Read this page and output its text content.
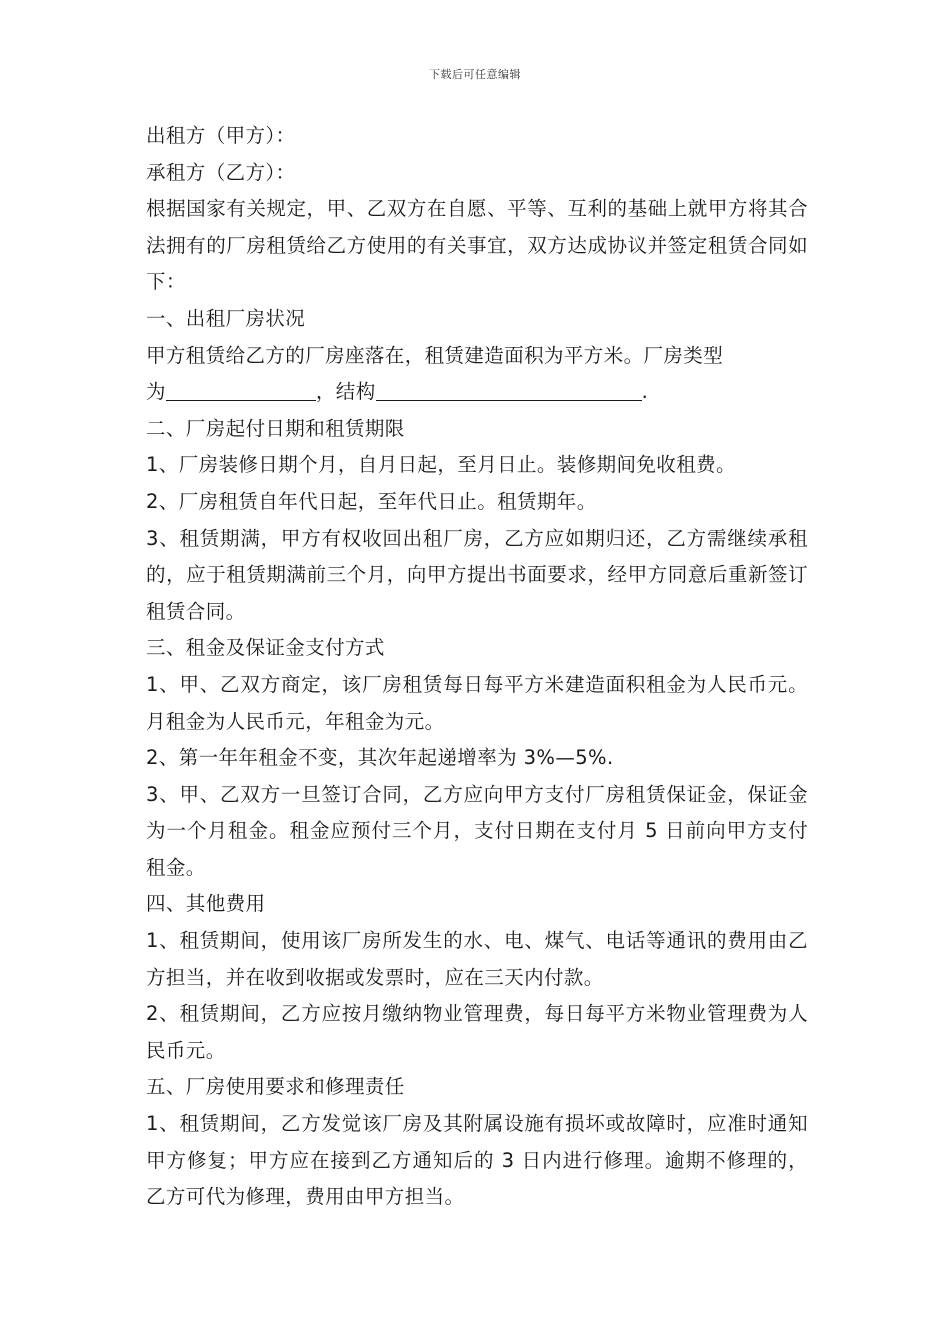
下载后可任意编辑
出租方（甲方）：
承租方（乙方）：
根据国家有关规定，甲、乙双方在自愿、平等、互利的基础上就甲方将其合法拥有的厂房租赁给乙方使用的有关事宜，双方达成协议并签定租赁合同如下：
一、出租厂房状况
甲方租赁给乙方的厂房座落在，租赁建造面积为平方米。厂房类型
为	，结构	.
二、厂房起付日期和租赁期限
1、厂房装修日期个月，自月日起，至月日止。装修期间免收租费。
2、厂房租赁自年代日起，至年代日止。租赁期年。
3、租赁期满，甲方有权收回出租厂房，乙方应如期归还，乙方需继续承租的，应于租赁期满前三个月，向甲方提出书面要求，经甲方同意后重新签订租赁合同。
三、租金及保证金支付方式
1、甲、乙双方商定，该厂房租赁每日每平方米建造面积租金为人民币元。月租金为人民币元，年租金为元。
2、第一年年租金不变，其次年起递增率为 3%—5%.
3、甲、乙双方一旦签订合同，乙方应向甲方支付厂房租赁保证金，保证金为一个月租金。租金应预付三个月，支付日期在支付月 5 日前向甲方支付租金。
四、其他费用
1、租赁期间，使用该厂房所发生的水、电、煤气、电话等通讯的费用由乙方担当，并在收到收据或发票时，应在三天内付款。
2、租赁期间，乙方应按月缴纳物业管理费，每日每平方米物业管理费为人民币元。
五、厂房使用要求和修理责任
1、租赁期间，乙方发觉该厂房及其附属设施有损坏或故障时，应准时通知甲方修复；甲方应在接到乙方通知后的 3 日内进行修理。逾期不修理的，乙方可代为修理，费用由甲方担当。
